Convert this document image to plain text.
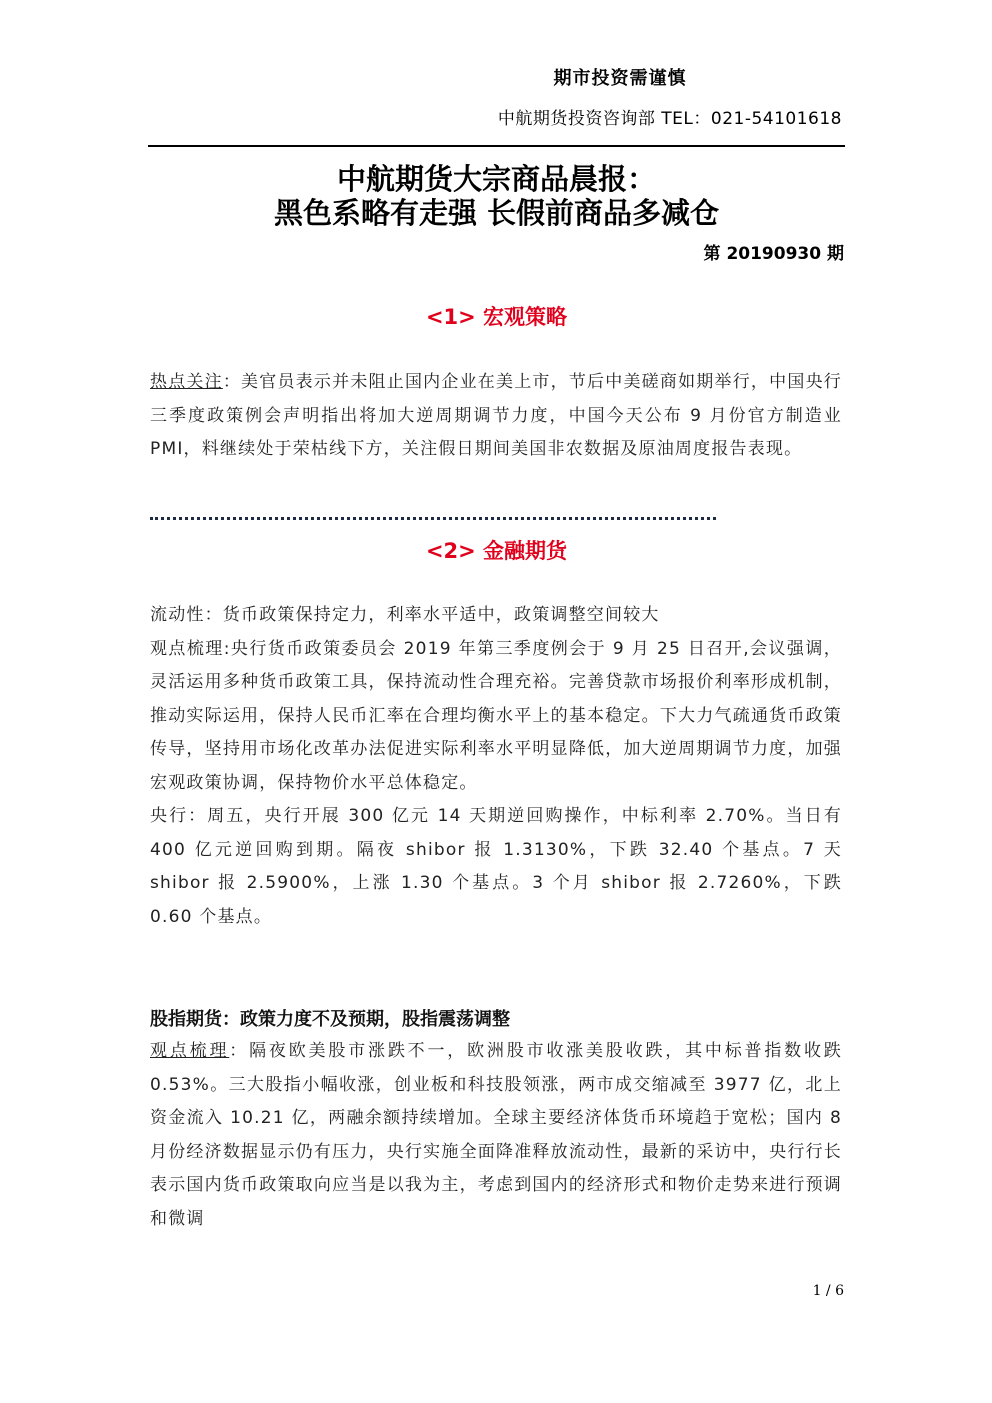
期市投资需谨慎
中航期货投资咨询部 TEL：021-54101618
中航期货大宗商品晨报：
黑色系略有走强 长假前商品多减仓
第 20190930 期
<1> 宏观策略

热点关注：美官员表示并未阻止国内企业在美上市，节后中美磋商如期举行，中国央行三季度政策例会声明指出将加大逆周期调节力度，中国今天公布 9 月份官方制造业 PMI，料继续处于荣枯线下方，关注假日期间美国非农数据及原油周度报告表现。

<2> 金融期货

流动性：货币政策保持定力，利率水平适中，政策调整空间较大

观点梳理:央行货币政策委员会 2019 年第三季度例会于 9 月 25 日召开,会议强调，灵活运用多种货币政策工具，保持流动性合理充裕。完善贷款市场报价利率形成机制，推动实际运用，保持人民币汇率在合理均衡水平上的基本稳定。下大力气疏通货币政策传导，坚持用市场化改革办法促进实际利率水平明显降低，加大逆周期调节力度，加强宏观政策协调，保持物价水平总体稳定。

央行：周五，央行开展 300 亿元 14 天期逆回购操作，中标利率 2.70%。当日有 400 亿元逆回购到期。隔夜 shibor 报 1.3130%，下跌 32.40 个基点。7 天 shibor 报 2.5900%，上涨 1.30 个基点。3 个月 shibor 报 2.7260%，下跌 0.60 个基点。

股指期货：政策力度不及预期，股指震荡调整

观点梳理：隔夜欧美股市涨跌不一，欧洲股市收涨美股收跌，其中标普指数收跌 0.53%。三大股指小幅收涨，创业板和科技股领涨，两市成交缩减至 3977 亿，北上资金流入 10.21 亿，两融余额持续增加。全球主要经济体货币环境趋于宽松；国内 8 月份经济数据显示仍有压力，央行实施全面降准释放流动性，最新的采访中，央行行长表示国内货币政策取向应当是以我为主，考虑到国内的经济形式和物价走势来进行预调和微调

1 / 6
